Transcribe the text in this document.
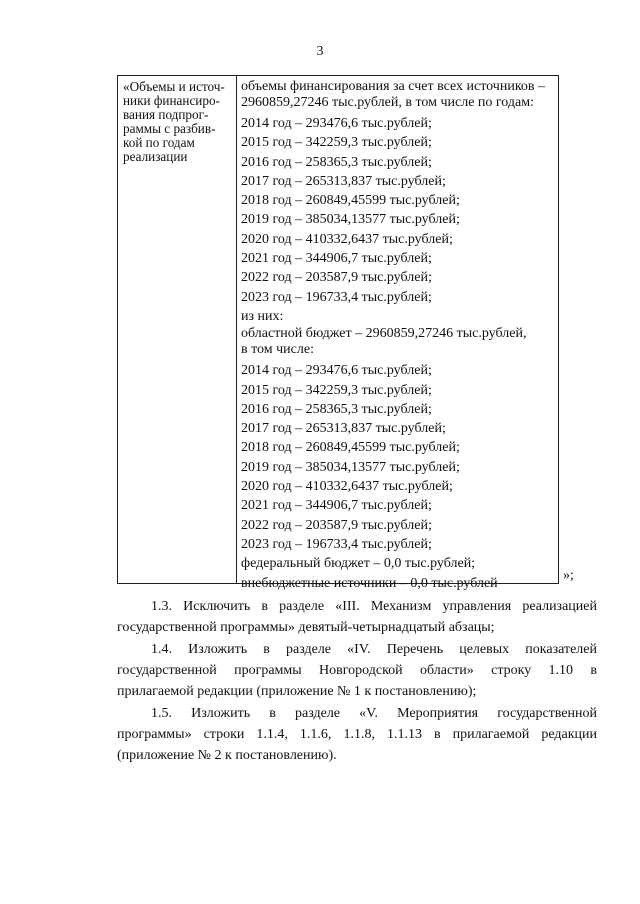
3
«Объемы и источ-
ники финансиро-
вания подпрог-
раммы с разбив-
кой по годам
реализации
объемы финансирования за счет всех источников –
2960859,27246 тыс.рублей, в том числе по годам:
2014 год – 293476,6 тыс.рублей;
2015 год – 342259,3 тыс.рублей;
2016 год – 258365,3 тыс.рублей;
2017 год – 265313,837 тыс.рублей;
2018 год – 260849,45599 тыс.рублей;
2019 год – 385034,13577 тыс.рублей;
2020 год – 410332,6437 тыс.рублей;
2021 год – 344906,7 тыс.рублей;
2022 год – 203587,9 тыс.рублей;
2023 год – 196733,4 тыс.рублей;
из них:
областной бюджет – 2960859,27246 тыс.рублей,
в том числе:
2014 год – 293476,6 тыс.рублей;
2015 год – 342259,3 тыс.рублей;
2016 год – 258365,3 тыс.рублей;
2017 год – 265313,837 тыс.рублей;
2018 год – 260849,45599 тыс.рублей;
2019 год – 385034,13577 тыс.рублей;
2020 год – 410332,6437 тыс.рублей;
2021 год – 344906,7 тыс.рублей;
2022 год – 203587,9 тыс.рублей;
2023 год – 196733,4 тыс.рублей;
федеральный бюджет – 0,0 тыс.рублей;
внебюджетные источники – 0,0 тыс.рублей
»;
1.3. Исключить в разделе «III. Механизм управления реализацией
государственной программы» девятый-четырнадцатый абзацы;
1.4. Изложить в разделе «IV. Перечень целевых показателей
государственной программы Новгородской области» строку 1.10 в
прилагаемой редакции (приложение № 1 к постановлению);
1.5. Изложить в разделе «V. Мероприятия государственной
программы» строки 1.1.4, 1.1.6, 1.1.8, 1.1.13 в прилагаемой редакции
(приложение № 2 к постановлению).
